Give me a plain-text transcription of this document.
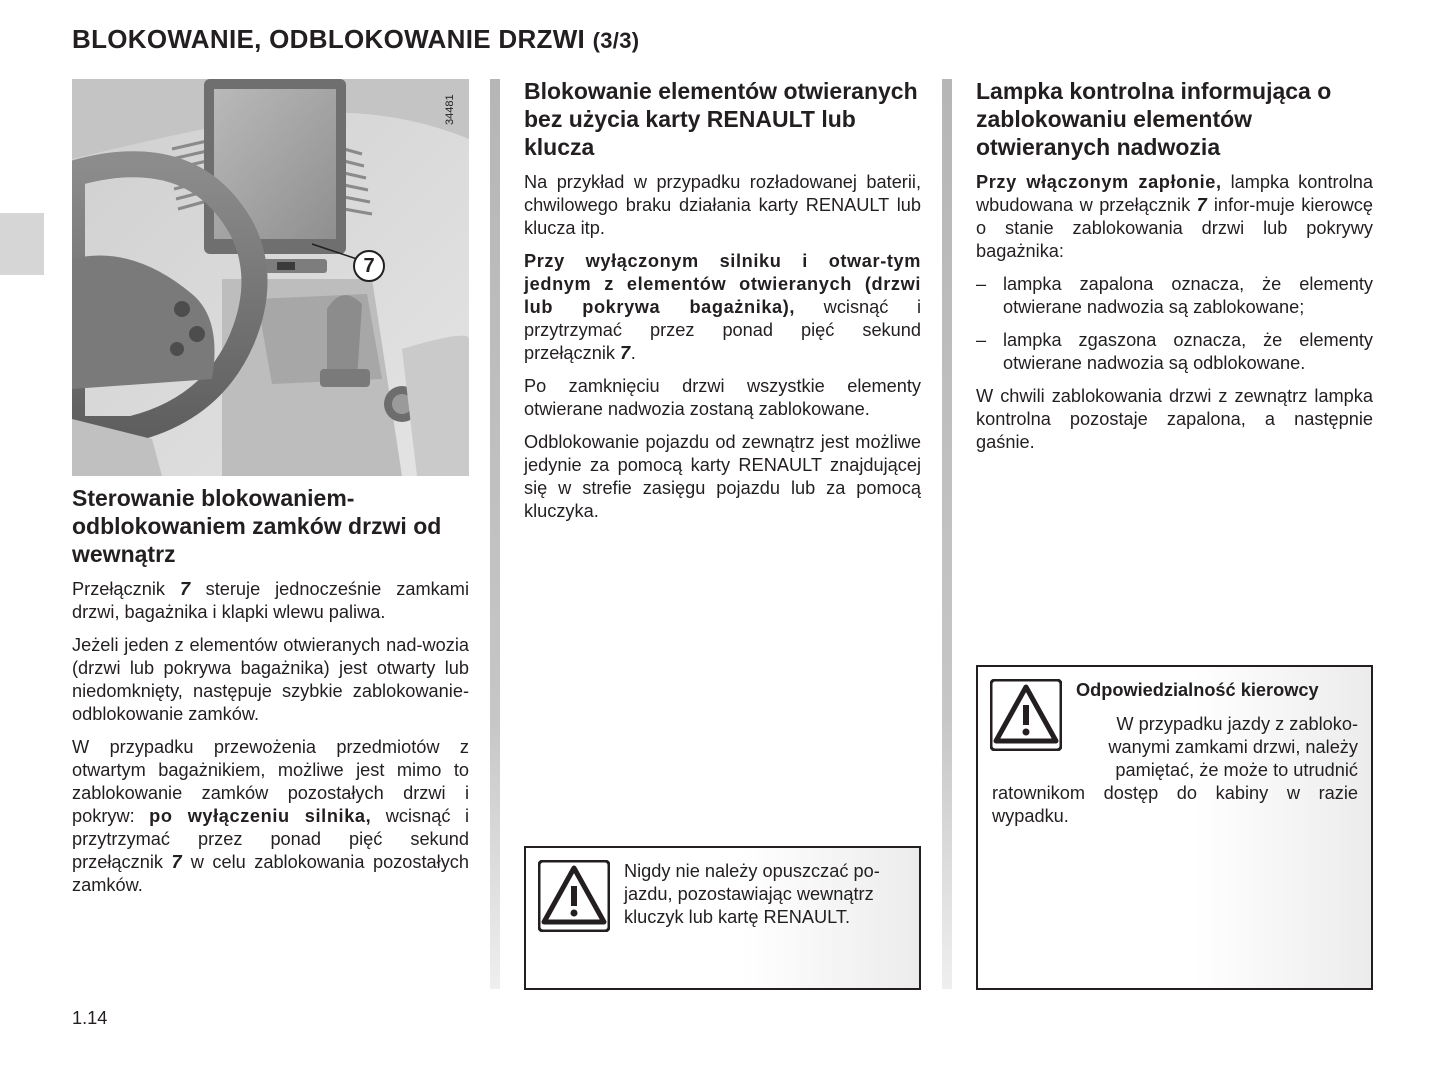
BLOKOWANIE, ODBLOKOWANIE DRZWI (3/3)
7
34481
Sterowanie blokowaniem-odblokowaniem zamków drzwi od wewnątrz

Przełącznik 7 steruje jednocześnie zamkami drzwi, bagażnika i klapki wlewu paliwa.

Jeżeli jeden z elementów otwieranych nad-wozia (drzwi lub pokrywa bagażnika) jest otwarty lub niedomknięty, następuje szybkie zablokowanie-odblokowanie zamków.

W przypadku przewożenia przedmiotów z otwartym bagażnikiem, możliwe jest mimo to zablokowanie zamków pozostałych drzwi i pokryw: po wyłączeniu silnika, wcisnąć i przytrzymać przez ponad pięć sekund przełącznik 7 w celu zablokowania pozostałych zamków.

Blokowanie elementów otwieranych bez użycia karty RENAULT lub klucza

Na przykład w przypadku rozładowanej baterii, chwilowego braku działania karty RENAULT lub klucza itp.

Przy wyłączonym silniku i otwar-tym jednym z elementów otwieranych (drzwi lub pokrywa bagażnika), wcisnąć i przytrzymać przez ponad pięć sekund przełącznik 7.

Po zamknięciu drzwi wszystkie elementy otwierane nadwozia zostaną zablokowane.

Odblokowanie pojazdu od zewnątrz jest możliwe jedynie za pomocą karty RENAULT znajdującej się w strefie zasięgu pojazdu lub za pomocą kluczyka.

Nigdy nie należy opuszczać po-jazdu, pozostawiając wewnątrz kluczyk lub kartę RENAULT.
Lampka kontrolna informująca o zablokowaniu elementów otwieranych nadwozia

Przy włączonym zapłonie, lampka kontrolna wbudowana w przełącznik 7 infor-muje kierowcę o stanie zablokowania drzwi lub pokrywy bagażnika:

– lampka zapalona oznacza, że elementy otwierane nadwozia są zablokowane;
– lampka zgaszona oznacza, że elementy otwierane nadwozia są odblokowane.

W chwili zablokowania drzwi z zewnątrz lampka kontrolna pozostaje zapalona, a następnie gaśnie.

Odpowiedzialność kierowcy
W przypadku jazdy z zabloko-
wanymi zamkami drzwi, należy
pamiętać, że może to utrudnić
ratownikom dostęp do kabiny w razie wypadku.
1.14
